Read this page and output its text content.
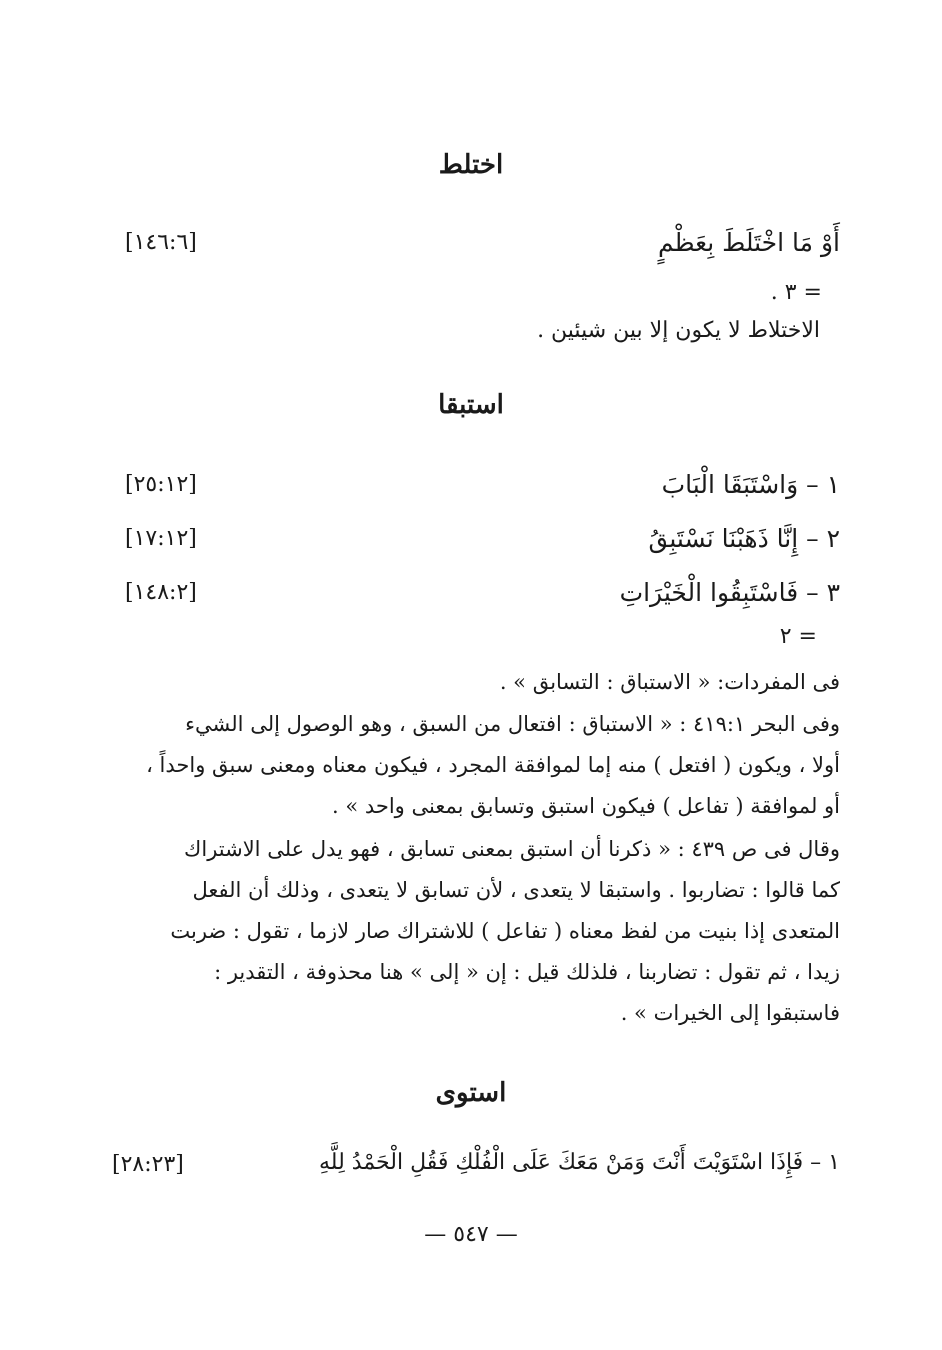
اختلط
أَوْ مَا اخْتَلَطَ بِعَظْمٍ
[١٤٦:٦]
= ٣ .
الاختلاط لا يكون إلا بين شيئين .
استبقا
١ – وَاسْتَبَقَا الْبَابَ
[٢٥:١٢]
٢ – إِنَّا ذَهَبْنَا نَسْتَبِقُ
[١٧:١٢]
٣ – فَاسْتَبِقُوا الْخَيْرَاتِ
[١٤٨:٢]
= ٢
فى المفردات: « الاستباق : التسابق » .
وفى البحر ٤١٩:١ : « الاستباق : افتعال من السبق ، وهو الوصول إلى الشيء
أولا ، ويكون ( افتعل ) منه إما لموافقة المجرد ، فيكون معناه ومعنى سبق واحداً ،
أو لموافقة ( تفاعل ) فيكون استبق وتسابق بمعنى واحد » .
وقال فى ص ٤٣٩ : « ذكرنا أن استبق بمعنى تسابق ، فهو يدل على الاشتراك
كما قالوا : تضاربوا . واستبقا لا يتعدى ، لأن تسابق لا يتعدى ، وذلك أن الفعل
المتعدى إذا بنيت من لفظ معناه ( تفاعل ) للاشتراك صار لازما ، تقول : ضربت
زيدا ، ثم تقول : تضاربنا ، فلذلك قيل : إن « إلى » هنا محذوفة ، التقدير :
فاستبقوا إلى الخيرات » .
استوى
١ – فَإِذَا اسْتَوَيْتَ أَنْتَ وَمَنْ مَعَكَ عَلَى الْفُلْكِ فَقُلِ الْحَمْدُ لِلَّهِ
[٢٨:٢٣]
— ٥٤٧ —
